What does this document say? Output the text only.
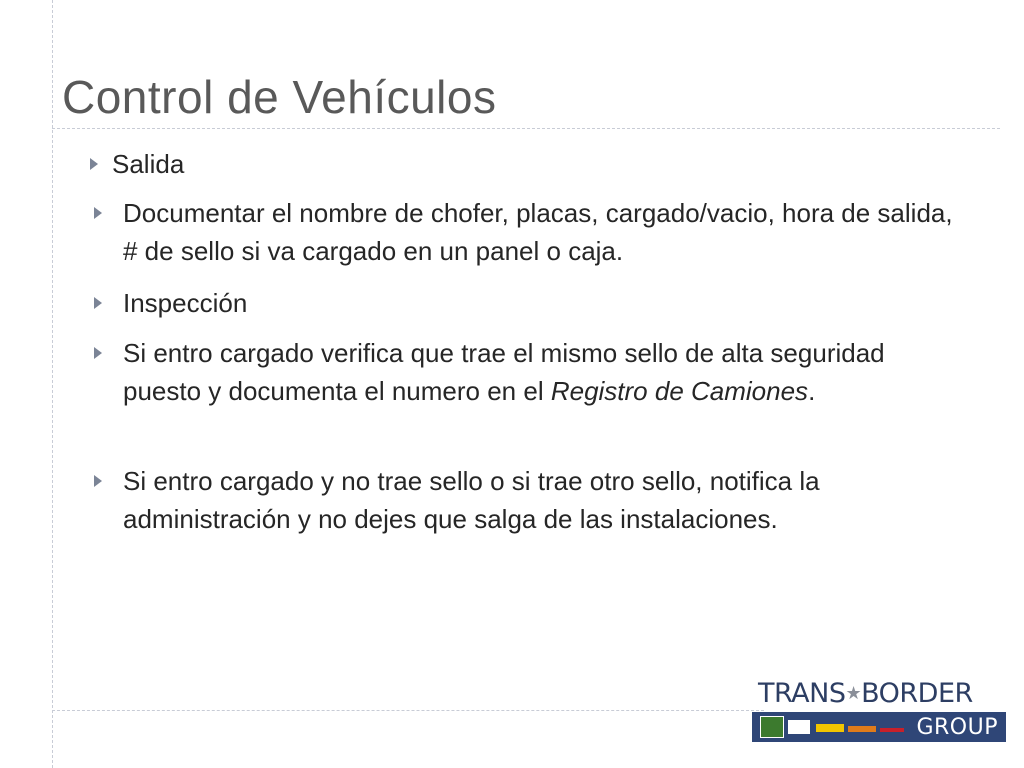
Control de Vehículos
Salida
Documentar el nombre de chofer, placas, cargado/vacio, hora de salida, # de sello si va cargado en un panel o caja.
Inspección
Si entro cargado verifica que trae el mismo sello de alta seguridad puesto y documenta el numero en el Registro de Camiones.
Si entro cargado y no trae sello o si trae otro sello, notifica la administración y no dejes que salga de las instalaciones.
TRANS★BORDER
GROUP
